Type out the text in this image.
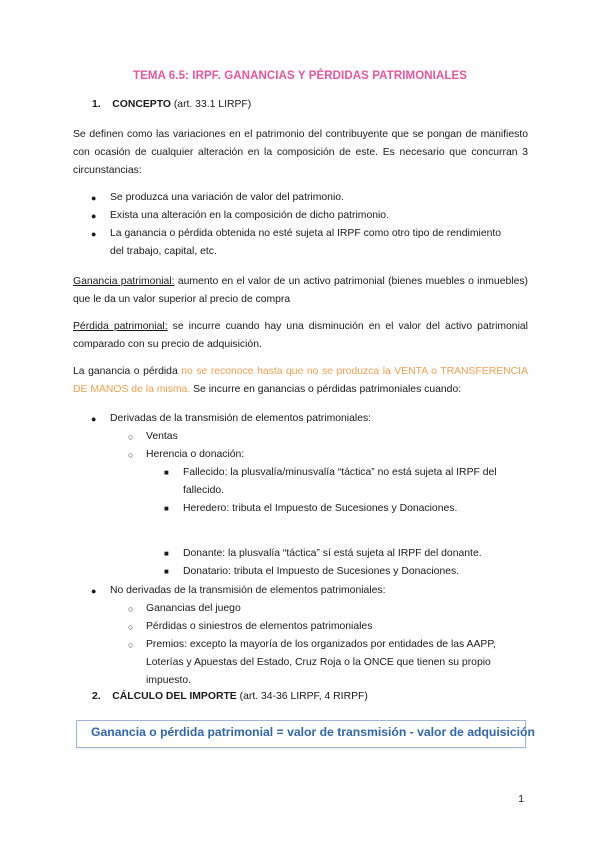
TEMA 6.5: IRPF. GANANCIAS Y PÉRDIDAS PATRIMONIALES
1. CONCEPTO (art. 33.1 LIRPF)
Se definen como las variaciones en el patrimonio del contribuyente que se pongan de manifiesto con ocasión de cualquier alteración en la composición de este. Es necesario que concurran 3 circunstancias:
● Se produzca una variación de valor del patrimonio.
● Exista una alteración en la composición de dicho patrimonio.
● La ganancia o pérdida obtenida no esté sujeta al IRPF como otro tipo de rendimiento
del trabajo, capital, etc.
Ganancia patrimonial: aumento en el valor de un activo patrimonial (bienes muebles o inmuebles) que le da un valor superior al precio de compra
Pérdida patrimonial: se incurre cuando hay una disminución en el valor del activo patrimonial comparado con su precio de adquisición.
La ganancia o pérdida no se reconoce hasta que no se produzca la VENTA o TRANSFERENCIA DE MANOS de la misma. Se incurre en ganancias o pérdidas patrimoniales cuando:
● Derivadas de la transmisión de elementos patrimoniales:
○ Ventas
○ Herencia o donación:
■ Fallecido: la plusvalía/minusvalía “táctica” no está sujeta al IRPF del
fallecido.
■ Heredero: tributa el Impuesto de Sucesiones y Donaciones.
■ Donante: la plusvalía “táctica” sí está sujeta al IRPF del donante.
■ Donatario: tributa el Impuesto de Sucesiones y Donaciones.
● No derivadas de la transmisión de elementos patrimoniales:
○ Ganancias del juego
○ Pérdidas o siniestros de elementos patrimoniales
○ Premios: excepto la mayoría de los organizados por entidades de las AAPP,
Loterías y Apuestas del Estado, Cruz Roja o la ONCE que tienen su propio
impuesto.
2. CÁLCULO DEL IMPORTE (art. 34-36 LIRPF, 4 RIRPF)
Ganancia o pérdida patrimonial = valor de transmisión - valor de adquisición
1
